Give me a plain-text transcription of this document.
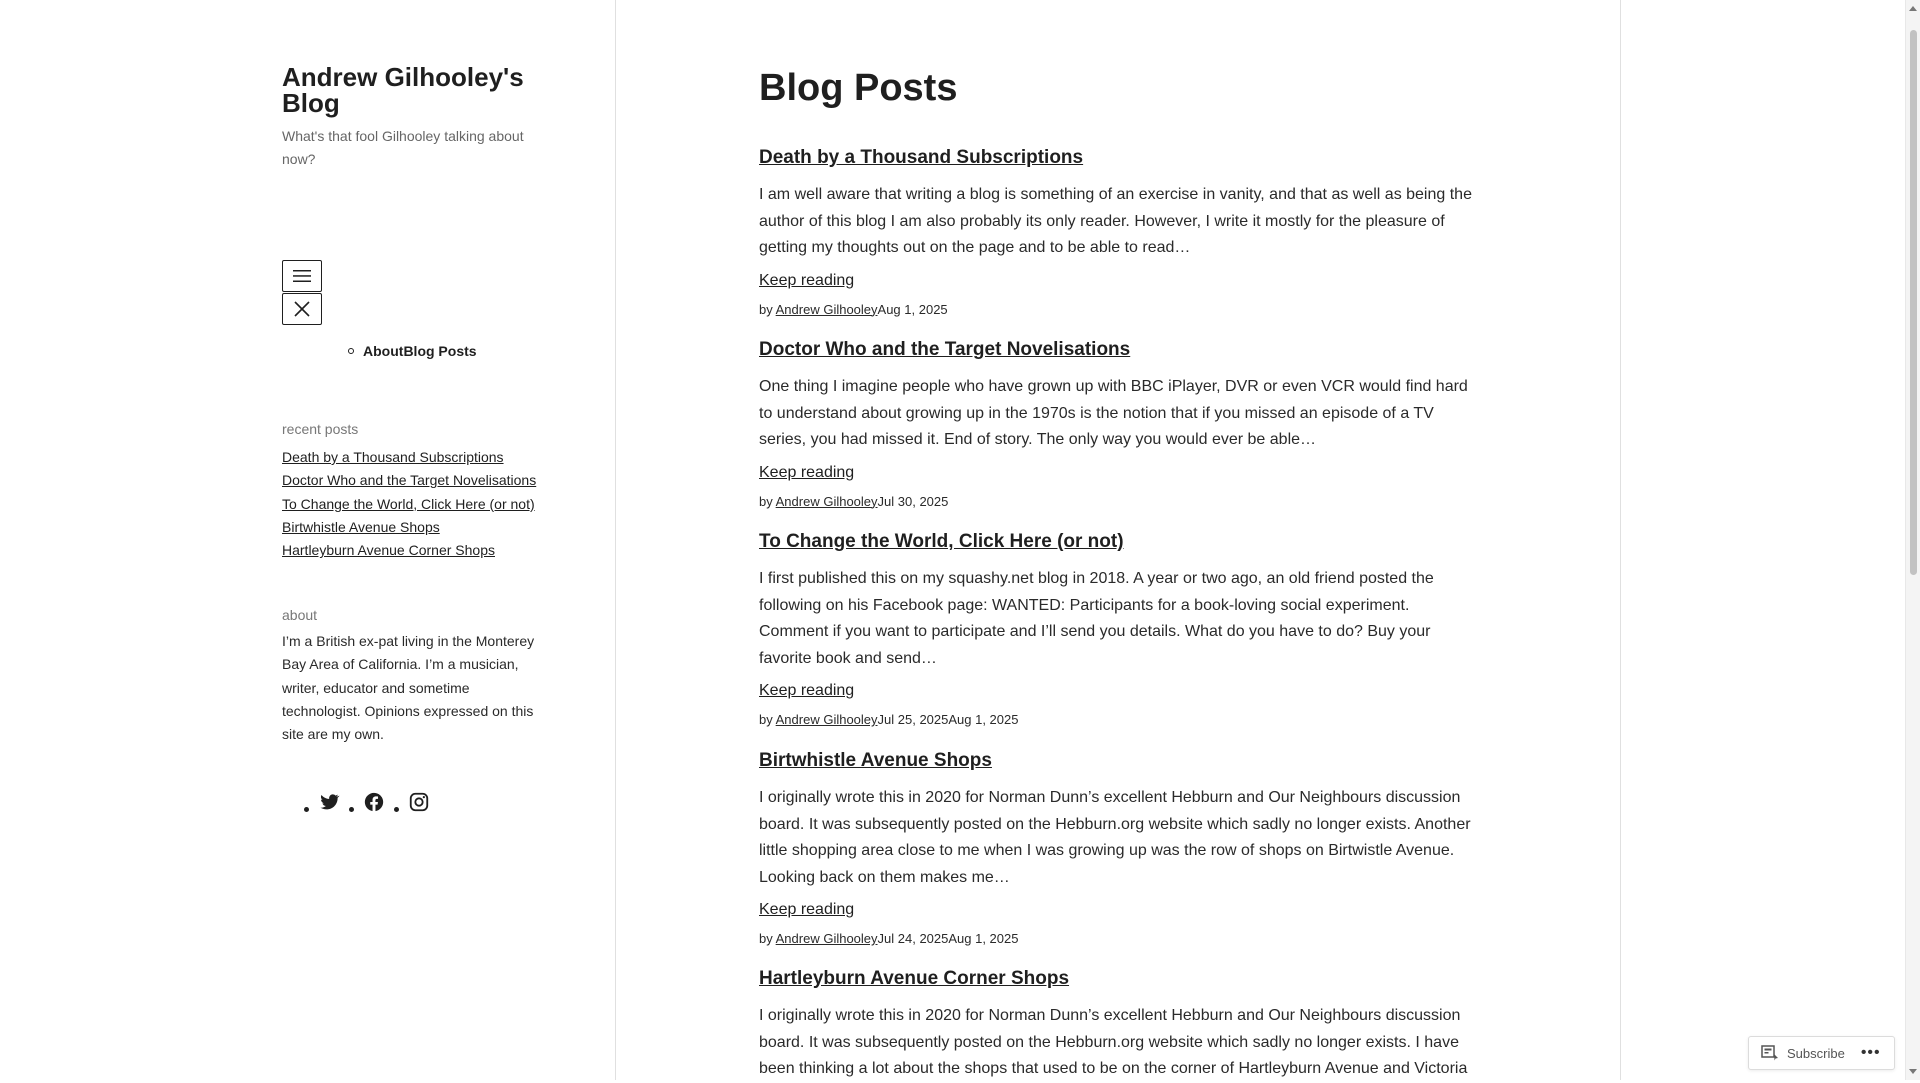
Andrew Gilhooley's Blog
What's that fool Gilhooley talking about now?
About Blog Posts
recent posts
Death by a Thousand Subscriptions
Doctor Who and the Target Novelisations
To Change the World, Click Here (or not)
Birtwhistle Avenue Shops
Hartleyburn Avenue Corner Shops
about

I’m a British ex-pat living in the Monterey Bay Area of California. I’m a musician, writer, educator and sometime technologist. Opinions expressed on this site are my own.

Blog Posts
Death by a Thousand Subscriptions

I am well aware that writing a blog is something of an exercise in vanity, and that as well as being the author of this blog I am also probably its only reader. However, I write it mostly for the pleasure of getting my thoughts out on the page and to be able to read…

Keep reading
by Andrew GilhooleyAug 1, 2025
Doctor Who and the Target Novelisations

One thing I imagine people who have grown up with BBC iPlayer, DVR or even VCR would find hard to understand about growing up in the 1970s is the notion that if you missed an episode of a TV series, you had missed it. End of story. The only way you would ever be able…

Keep reading
by Andrew GilhooleyJul 30, 2025
To Change the World, Click Here (or not)

I first published this on my squashy.net blog in 2018. A year or two ago, an old friend posted the following on his Facebook page: WANTED: Participants for a book-loving social experiment. Comment if you want to participate and I’ll send you details. What do you have to do? Buy your favorite book and send…

Keep reading
by Andrew GilhooleyJul 25, 2025Aug 1, 2025
Birtwhistle Avenue Shops

I originally wrote this in 2020 for Norman Dunn’s excellent Hebburn and Our Neighbours discussion board. It was subsequently posted on the Hebburn.org website which sadly no longer exists. Another little shopping area close to me when I was growing up was the row of shops on Birtwistle Avenue. Looking back on them makes me…

Keep reading
by Andrew GilhooleyJul 24, 2025Aug 1, 2025
Hartleyburn Avenue Corner Shops

I originally wrote this in 2020 for Norman Dunn’s excellent Hebburn and Our Neighbours discussion board. It was subsequently posted on the Hebburn.org website which sadly no longer exists. I have been thinking a lot about the shops that used to be on the corner of Hartleyburn Avenue and Victoria

Subscribe •••
